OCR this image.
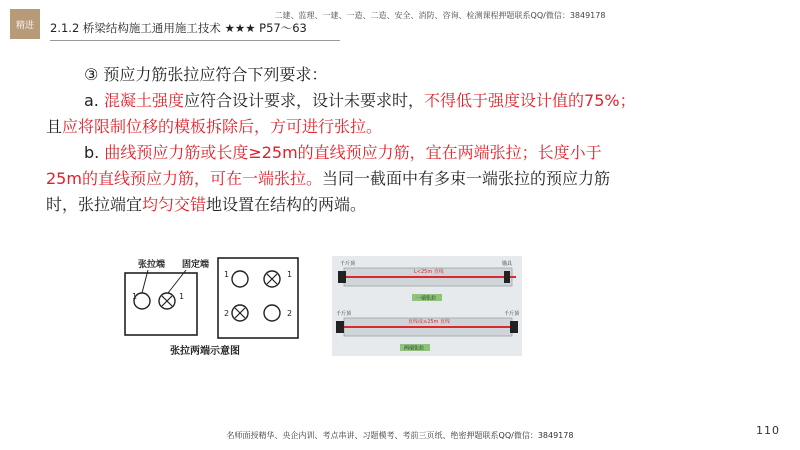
精进 2.1.2 桥梁结构施工通用施工技术 ★★★ P57～63
二建、监理、一建、一造、二造、安全、消防、咨询、检测课程押题联系QQ/微信：3849178
③ 预应力筋张拉应符合下列要求：
a. 混凝土强度应符合设计要求，设计未要求时，不得低于强度设计值的75%；
且应将限制位移的模板拆除后，方可进行张拉。
b. 曲线预应力筋或长度≥25m的直线预应力筋，宜在两端张拉；长度小于
25m的直线预应力筋，可在一端张拉。当同一截面中有多束一端张拉的预应力筋
时，张拉端宜均匀交错地设置在结构的两端。
张拉端 固定端
1	1
1	1
2	2
张拉两端示意图
千斤顶	锚具
L<25m 直线
一端张拉
千斤顶	千斤顶
直线或≥25m 直线
两端张拉
名师面授精华、央企内训、考点串讲、习题模考、考前三页纸、绝密押题联系QQ/微信：3849178	110
